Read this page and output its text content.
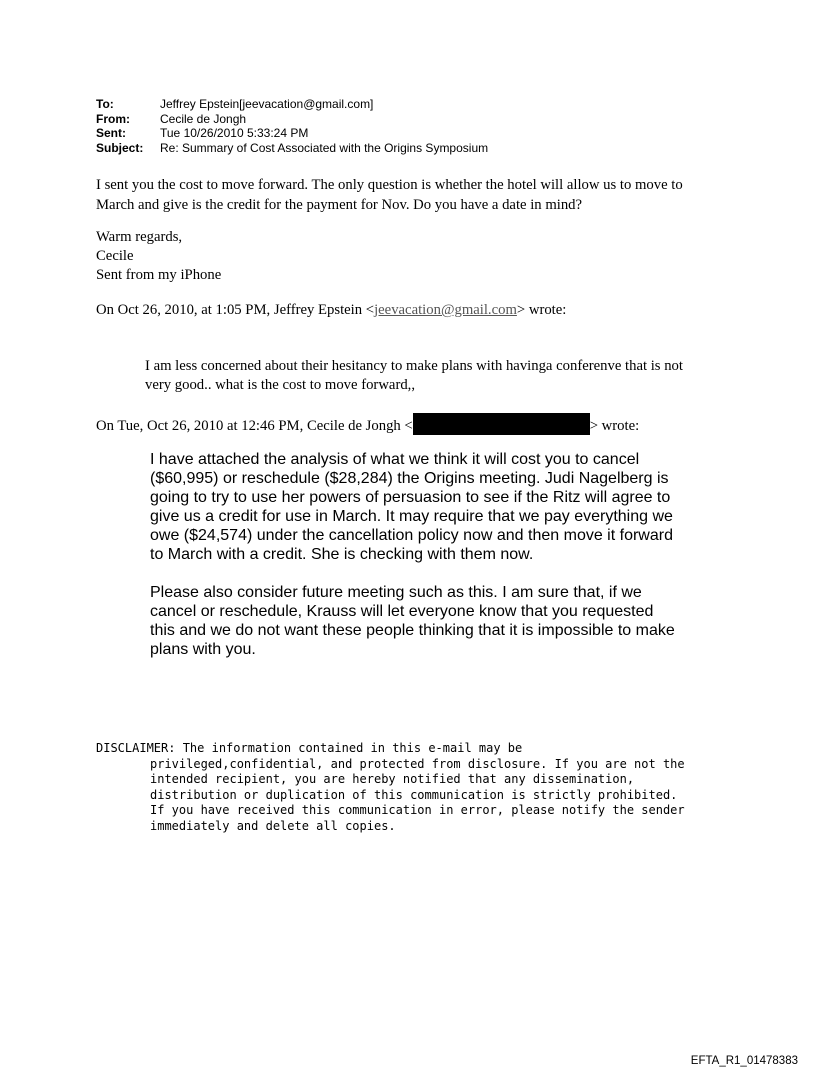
To:	Jeffrey Epstein[jeevacation@gmail.com]
From:	Cecile de Jongh
Sent:	Tue 10/26/2010 5:33:24 PM
Subject:	Re: Summary of Cost Associated with the Origins Symposium
I sent you the cost to move forward. The only question is whether the hotel will allow us to move to March and give is the credit for the payment for Nov. Do you have a date in mind?
Warm regards,
Cecile
Sent from my iPhone
On Oct 26, 2010, at 1:05 PM, Jeffrey Epstein <jeevacation@gmail.com> wrote:
I am less concerned about their hesitancy to make plans with havinga conferenve that is not very good.. what is the cost to move forward,,
On Tue, Oct 26, 2010 at 12:46 PM, Cecile de Jongh <	> wrote:

I have attached the analysis of what we think it will cost you to cancel ($60,995) or reschedule ($28,284) the Origins meeting. Judi Nagelberg is going to try to use her powers of persuasion to see if the Ritz will agree to give us a credit for use in March. It may require that we pay everything we owe ($24,574) under the cancellation policy now and then move it forward to March with a credit. She is checking with them now.

Please also consider future meeting such as this. I am sure that, if we cancel or reschedule, Krauss will let everyone know that you requested this and we do not want these people thinking that it is impossible to make plans with you.

DISCLAIMER: The information contained in this e-mail may be
privileged,confidential, and protected from disclosure. If you are not the intended recipient, you are hereby notified that any dissemination, distribution or duplication of this communication is strictly prohibited. If you have received this communication in error, please notify the sender immediately and delete all copies.
EFTA_R1_01478383
